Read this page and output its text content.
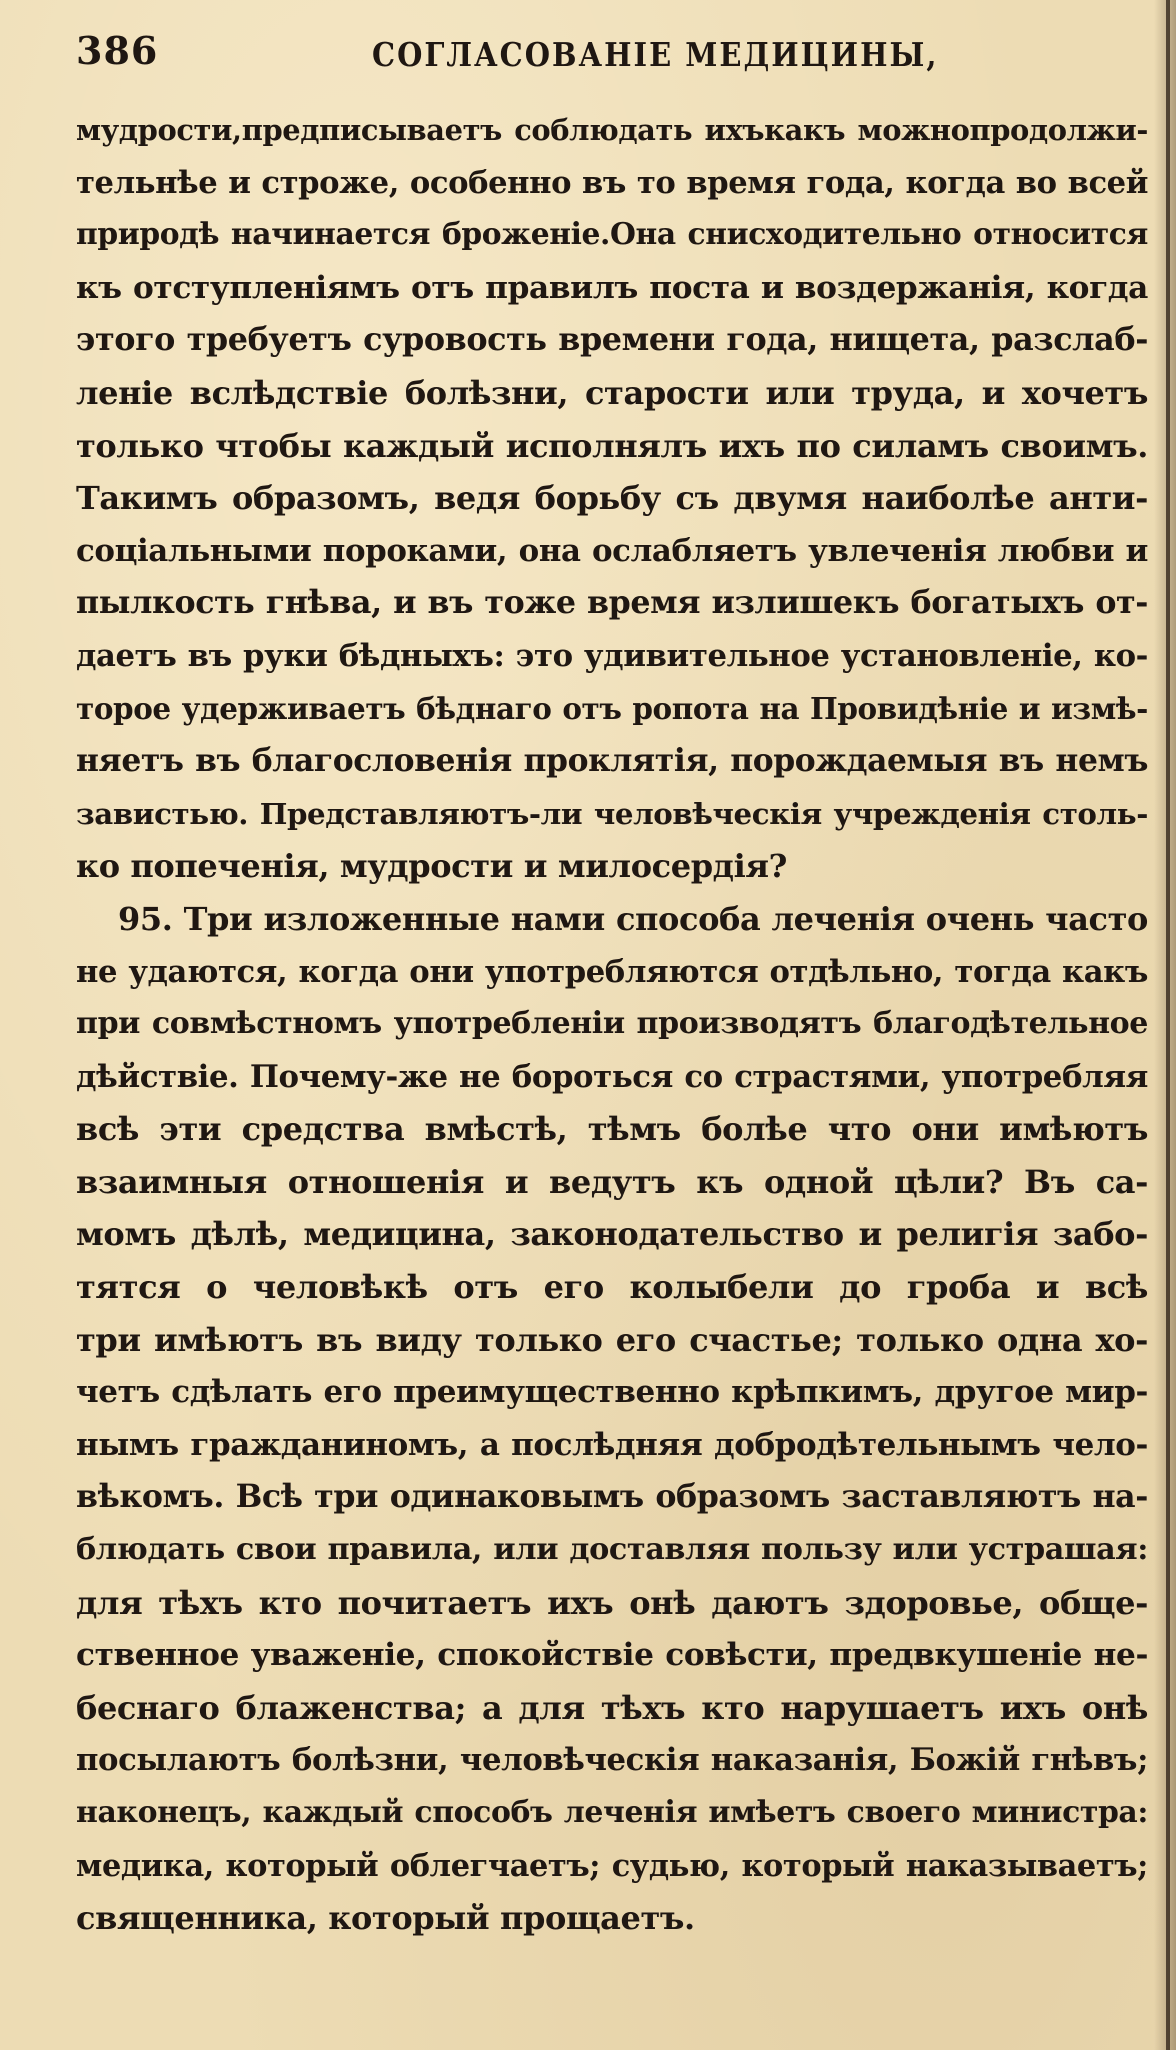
386	СОГЛАСОВАНІЕ МЕДИЦИНЫ,
мудрости,предписываетъ соблюдать ихъкакъ можнопродолжи-
тельнѣе и строже, особенно въ то время года, когда во всей
природѣ начинается броженіе.Она снисходительно относится
къ отступленіямъ отъ правилъ поста и воздержанія, когда
этого требуетъ суровость времени года, нищета, разслаб-
леніе вслѣдствіе болѣзни, старости или труда, и хочетъ
только чтобы каждый исполнялъ ихъ по силамъ своимъ.
Такимъ образомъ, ведя борьбу съ двумя наиболѣе анти-
соціальными пороками, она ослабляетъ увлеченія любви и
пылкость гнѣва, и въ тоже время излишекъ богатыхъ от-
даетъ въ руки бѣдныхъ: это удивительное установленіе, ко-
торое удерживаетъ бѣднаго отъ ропота на Провидѣніе и измѣ-
няетъ въ благословенія проклятія, порождаемыя въ немъ
завистью. Представляютъ-ли человѣческія учрежденія столь-
ко попеченія, мудрости и милосердія?
95. Три изложенные нами способа леченія очень часто
не удаются, когда они употребляются отдѣльно, тогда какъ
при совмѣстномъ употребленіи производятъ благодѣтельное
дѣйствіе. Почему-же не бороться со страстями, употребляя
всѣ эти средства вмѣстѣ, тѣмъ болѣе что они имѣютъ
взаимныя отношенія и ведутъ къ одной цѣли? Въ са-
момъ дѣлѣ, медицина, законодательство и религія забо-
тятся о человѣкѣ отъ его колыбели до гроба и всѣ
три имѣютъ въ виду только его счастье; только одна хо-
четъ сдѣлать его преимущественно крѣпкимъ, другое мир-
нымъ гражданиномъ, а послѣдняя добродѣтельнымъ чело-
вѣкомъ. Всѣ три одинаковымъ образомъ заставляютъ на-
блюдать свои правила, или доставляя пользу или устрашая:
для тѣхъ кто почитаетъ ихъ онѣ даютъ здоровье, обще-
ственное уваженіе, спокойствіе совѣсти, предвкушеніе не-
беснаго блаженства; а для тѣхъ кто нарушаетъ ихъ онѣ
посылаютъ болѣзни, человѣческія наказанія, Божій гнѣвъ;
наконецъ, каждый способъ леченія имѣетъ своего министра:
медика, который облегчаетъ; судью, который наказываетъ;
священника, который прощаетъ.
